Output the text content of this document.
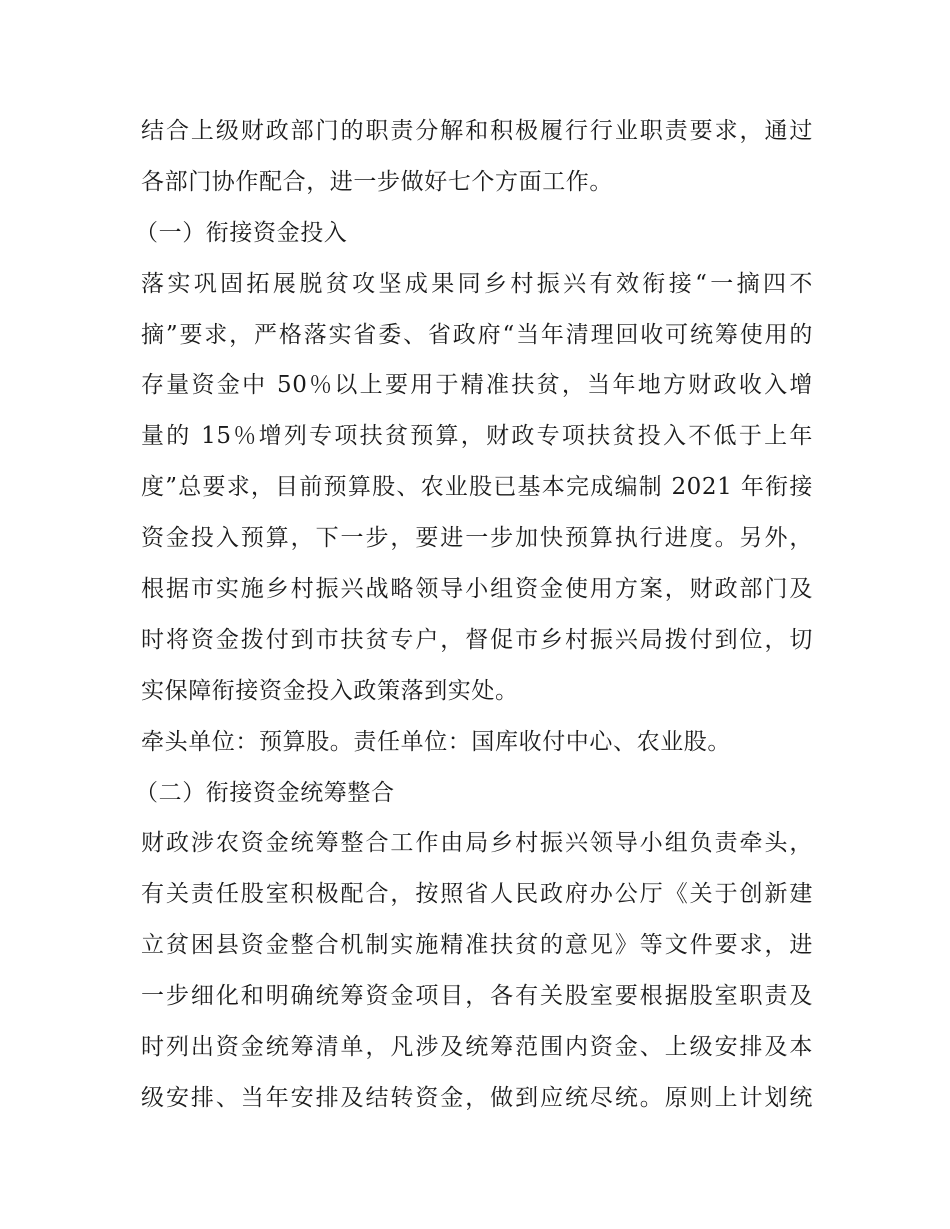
结合上级财政部门的职责分解和积极履行行业职责要求，通过
各部门协作配合，进一步做好七个方面工作。
（一）衔接资金投入
落实巩固拓展脱贫攻坚成果同乡村振兴有效衔接“一摘四不
摘”要求，严格落实省委、省政府“当年清理回收可统筹使用的
存量资金中 50％以上要用于精准扶贫，当年地方财政收入增
量的 15％增列专项扶贫预算，财政专项扶贫投入不低于上年
度”总要求，目前预算股、农业股已基本完成编制 2021 年衔接
资金投入预算，下一步，要进一步加快预算执行进度。另外，
根据市实施乡村振兴战略领导小组资金使用方案，财政部门及
时将资金拨付到市扶贫专户，督促市乡村振兴局拨付到位，切
实保障衔接资金投入政策落到实处。
牵头单位：预算股。责任单位：国库收付中心、农业股。
（二）衔接资金统筹整合
财政涉农资金统筹整合工作由局乡村振兴领导小组负责牵头，
有关责任股室积极配合，按照省人民政府办公厅《关于创新建
立贫困县资金整合机制实施精准扶贫的意见》等文件要求，进
一步细化和明确统筹资金项目，各有关股室要根据股室职责及
时列出资金统筹清单，凡涉及统筹范围内资金、上级安排及本
级安排、当年安排及结转资金，做到应统尽统。原则上计划统
